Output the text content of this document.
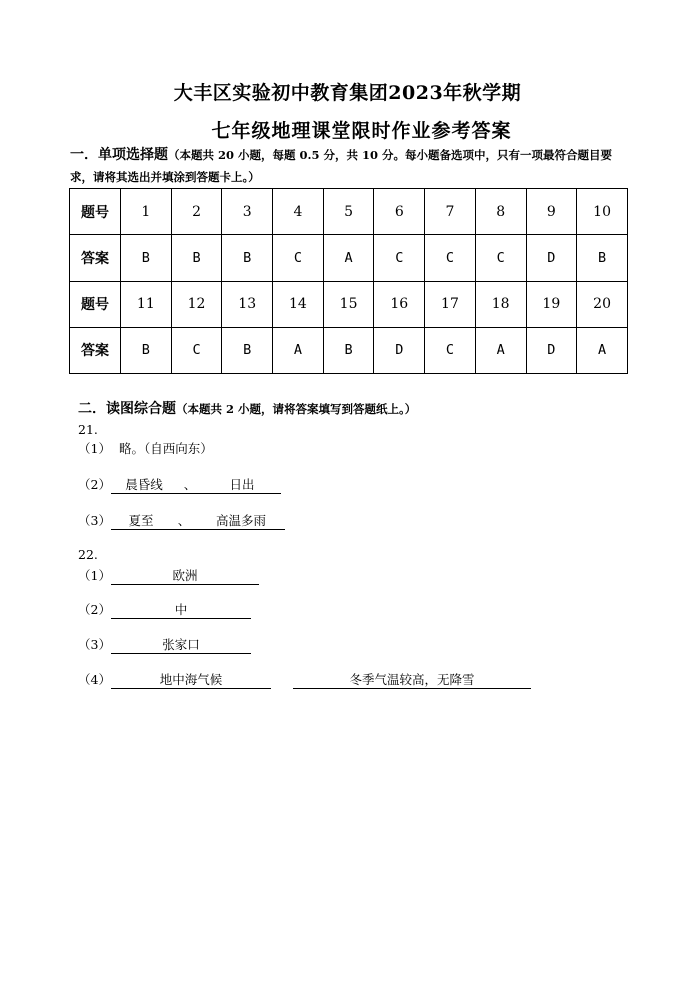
大丰区实验初中教育集团2023年秋学期
七年级地理课堂限时作业参考答案
一．单项选择题（本题共 20 小题，每题 0.5 分，共 10 分。每小题备选项中，只有一项最符合题目要求，请将其选出并填涂到答题卡上。）
题号	1	2	3	4	5	6	7	8	9	10
答案	B	B	B	C	A	C	C	C	D	B
题号	11	12	13	14	15	16	17	18	19	20
答案	B	C	B	A	B	D	C	A	D	A
二．读图综合题（本题共 2 小题，请将答案填写到答题纸上。）
21.
（1） 略。（自西向东）
（2） 晨昏线 、	日出
（3） 夏至 、 高温多雨
22.
（1）	欧洲
（2）	中
（3）	张家口
（4）	地中海气候	冬季气温较高，无降雪
